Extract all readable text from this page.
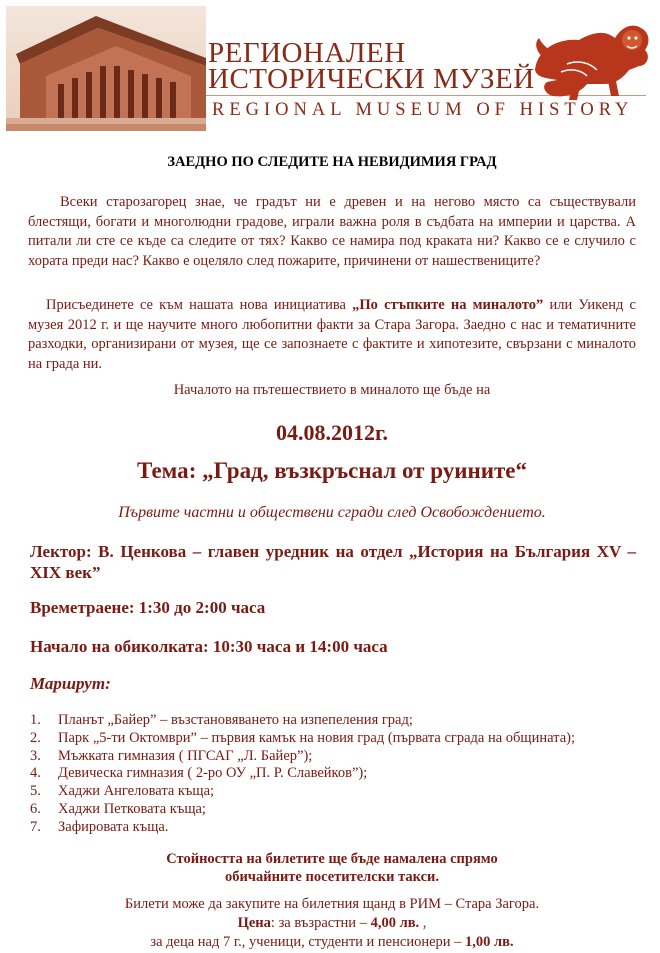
РЕГИОНАЛЕН
ИСТОРИЧЕСКИ МУЗЕЙ
REGIONAL MUSEUM OF HISTORY
ЗАЕДНО ПО СЛЕДИТЕ НА НЕВИДИМИЯ ГРАД

Всеки старозагорец знае, че градът ни е древен и на негово място са съществували блестящи, богати и многолюдни градове, играли важна роля в съдбата на империи и царства. А питали ли сте се къде са следите от тях? Какво се намира под краката ни? Какво се е случило с хората преди нас? Какво е оцеляло след пожарите, причинени от нашествениците?

Присъединете се към нашата нова инициатива „По стъпките на миналото” или Уикенд с музея 2012 г. и ще научите много любопитни факти за Стара Загора. Заедно с нас и тематичните разходки, организирани от музея, ще се запознаете с фактите и хипотезите, свързани с миналото на града ни.

Началото на пътешествието в миналото ще бъде на
04.08.2012г.
Тема: „Град, възкръснал от руините“
Първите частни и обществени сгради след Освобождението.
Лектор: В. Ценкова – главен уредник на отдел „История на България XV – XIX век”
Времетраене: 1:30 до 2:00 часа
Начало на обиколката: 10:30 часа и 14:00 часа
Маршрут:
1. Планът „Байер” – възстановяването на изпепеления град;
2. Парк „5-ти Октомври” – първия камък на новия град (първата сграда на общината);
3. Мъжката гимназия ( ПГСАГ „Л. Байер”);
4. Девическа гимназия ( 2-ро ОУ „П. Р. Славейков”);
5. Хаджи Ангеловата къща;
6. Хаджи Петковата къща;
7. Зафировата къща.
Стойността на билетите ще бъде намалена спрямо
обичайните посетителски такси.
Билети може да закупите на билетния щанд в РИМ – Стара Загора.
Цена: за възрастни – 4,00 лв. ,
за деца над 7 г., ученици, студенти и пенсионери – 1,00 лв.
